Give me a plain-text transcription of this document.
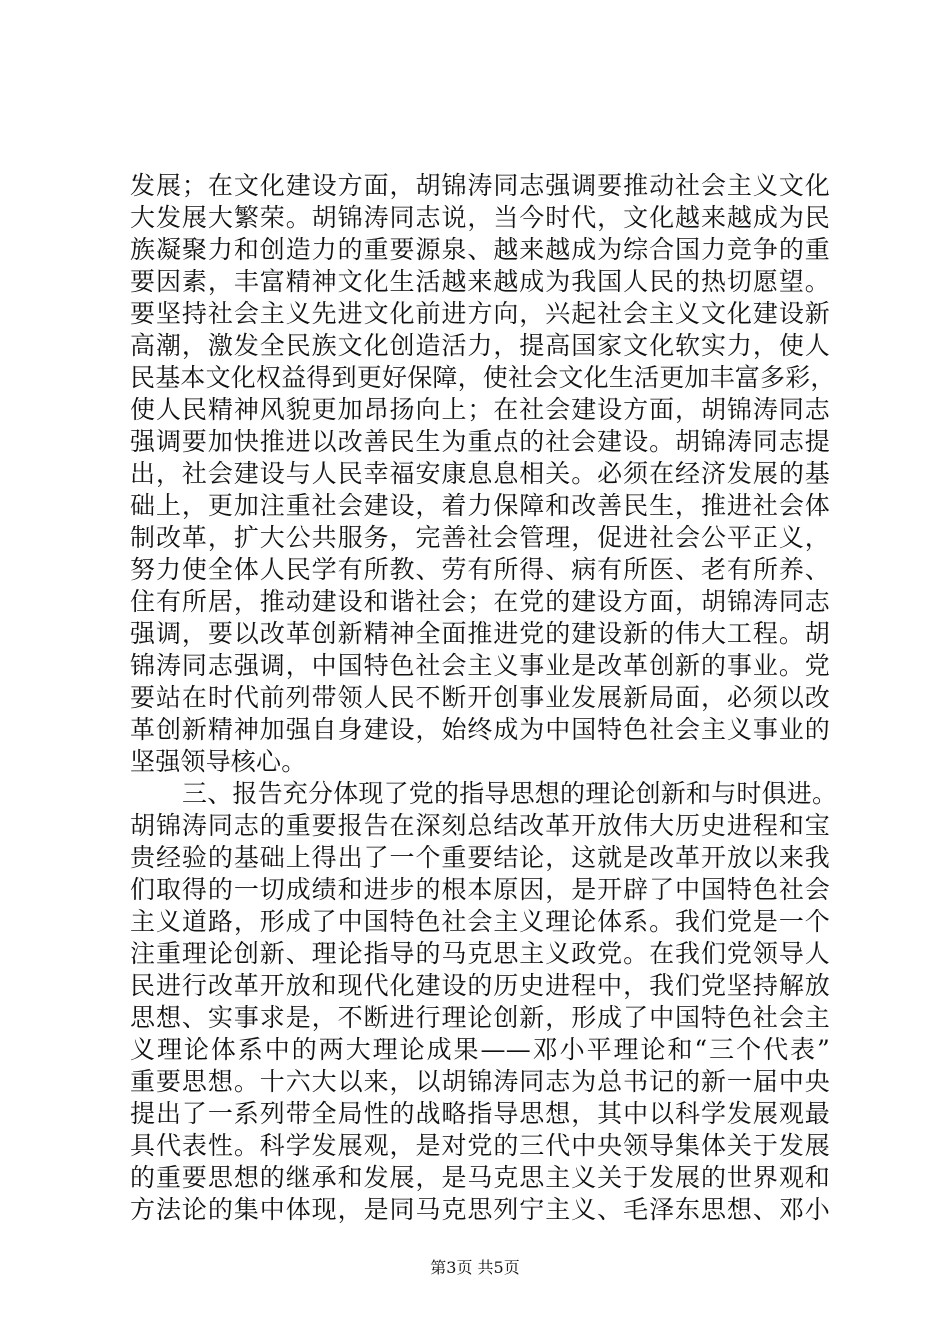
发展；在文化建设方面，胡锦涛同志强调要推动社会主义文化
大发展大繁荣。胡锦涛同志说，当今时代，文化越来越成为民
族凝聚力和创造力的重要源泉、越来越成为综合国力竞争的重
要因素，丰富精神文化生活越来越成为我国人民的热切愿望。
要坚持社会主义先进文化前进方向，兴起社会主义文化建设新
高潮，激发全民族文化创造活力，提高国家文化软实力，使人
民基本文化权益得到更好保障，使社会文化生活更加丰富多彩，
使人民精神风貌更加昂扬向上；在社会建设方面，胡锦涛同志
强调要加快推进以改善民生为重点的社会建设。胡锦涛同志提
出，社会建设与人民幸福安康息息相关。必须在经济发展的基
础上，更加注重社会建设，着力保障和改善民生，推进社会体
制改革，扩大公共服务，完善社会管理，促进社会公平正义，
努力使全体人民学有所教、劳有所得、病有所医、老有所养、
住有所居，推动建设和谐社会；在党的建设方面，胡锦涛同志
强调，要以改革创新精神全面推进党的建设新的伟大工程。胡
锦涛同志强调，中国特色社会主义事业是改革创新的事业。党
要站在时代前列带领人民不断开创事业发展新局面，必须以改
革创新精神加强自身建设，始终成为中国特色社会主义事业的
坚强领导核心。
三、报告充分体现了党的指导思想的理论创新和与时俱进。
胡锦涛同志的重要报告在深刻总结改革开放伟大历史进程和宝
贵经验的基础上得出了一个重要结论，这就是改革开放以来我
们取得的一切成绩和进步的根本原因，是开辟了中国特色社会
主义道路，形成了中国特色社会主义理论体系。我们党是一个
注重理论创新、理论指导的马克思主义政党。在我们党领导人
民进行改革开放和现代化建设的历史进程中，我们党坚持解放
思想、实事求是，不断进行理论创新，形成了中国特色社会主
义理论体系中的两大理论成果——邓小平理论和“三个代表”
重要思想。十六大以来，以胡锦涛同志为总书记的新一届中央
提出了一系列带全局性的战略指导思想，其中以科学发展观最
具代表性。科学发展观，是对党的三代中央领导集体关于发展
的重要思想的继承和发展，是马克思主义关于发展的世界观和
方法论的集中体现，是同马克思列宁主义、毛泽东思想、邓小
第3页 共5页
